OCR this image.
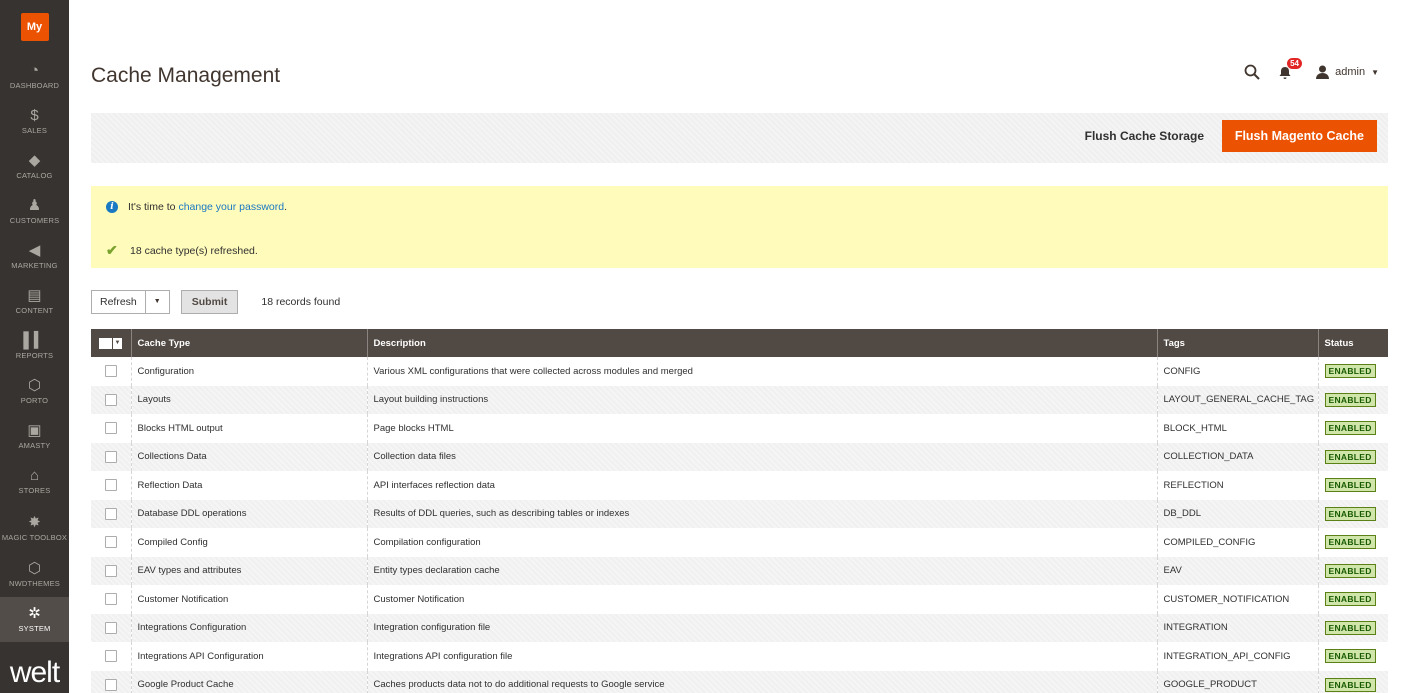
My
◔
DASHBOARD
$
SALES
◆
CATALOG
♟
CUSTOMERS
◀
MARKETING
▤
CONTENT
▌▍
REPORTS
⬡
PORTO
▣
AMASTY
⌂
STORES
✸
MAGIC TOOLBOX
⬡
NWDTHEMES
✲
SYSTEM
welt
Cache Management
54
admin ▼
Flush Cache Storage	Flush Magento Cache
i	It's time to change your password.
✔ 18 cache type(s) refreshed.
Refresh	▼	Submit	18 records found
▼	Cache Type	Description	Tags	Status

	Configuration	Various XML configurations that were collected across modules and merged	CONFIG	ENABLED

	Layouts	Layout building instructions	LAYOUT_GENERAL_CACHE_TAG	ENABLED

	Blocks HTML output	Page blocks HTML	BLOCK_HTML	ENABLED

	Collections Data	Collection data files	COLLECTION_DATA	ENABLED

	Reflection Data	API interfaces reflection data	REFLECTION	ENABLED

	Database DDL operations	Results of DDL queries, such as describing tables or indexes	DB_DDL	ENABLED

	Compiled Config	Compilation configuration	COMPILED_CONFIG	ENABLED

	EAV types and attributes	Entity types declaration cache	EAV	ENABLED

	Customer Notification	Customer Notification	CUSTOMER_NOTIFICATION	ENABLED

	Integrations Configuration	Integration configuration file	INTEGRATION	ENABLED

	Integrations API Configuration	Integrations API configuration file	INTEGRATION_API_CONFIG	ENABLED

	Google Product Cache	Caches products data not to do additional requests to Google service	GOOGLE_PRODUCT	ENABLED
